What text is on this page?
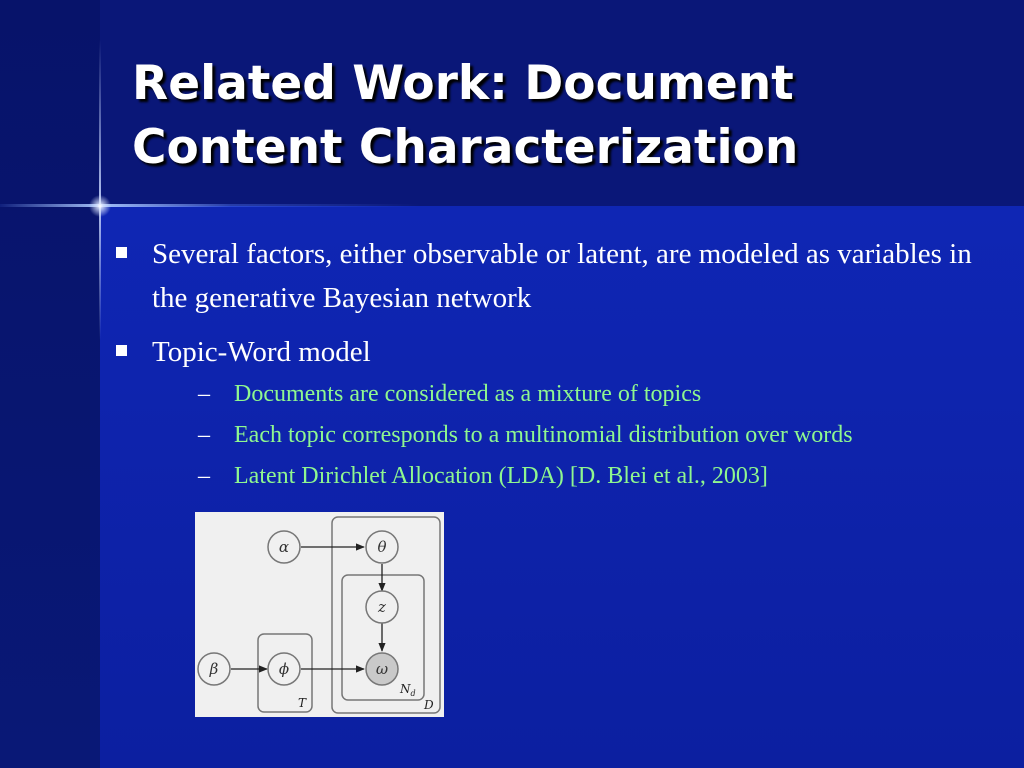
Related Work: Document Content Characterization
Several factors, either observable or latent, are modeled as variables in the generative Bayesian network
Topic-Word model
– Documents are considered as a mixture of topics
– Each topic corresponds to a multinomial distribution over words
– Latent Dirichlet Allocation (LDA) [D. Blei et al., 2003]
α	θ
z
ω
β	ϕ
T	D
$N_d$
